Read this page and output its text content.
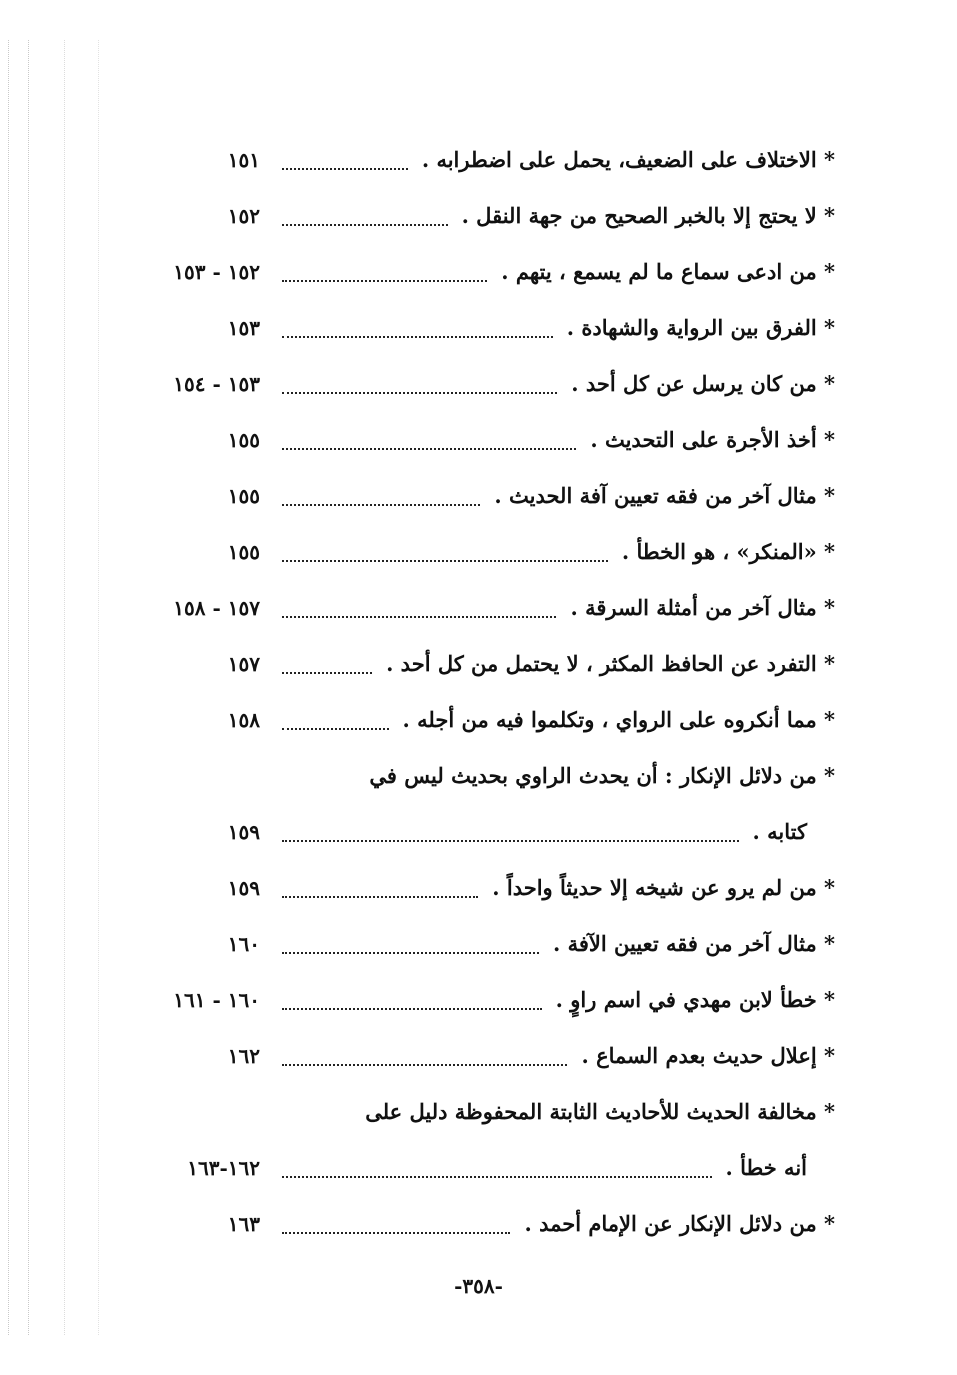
* الاختلاف على الضعيف، يحمل على اضطرابه .
١٥١
* لا يحتج إلا بالخبر الصحيح من جهة النقل .
١٥٢
* من ادعى سماع ما لم يسمع ، يتهم .
١٥٢ - ١٥٣
* الفرق بين الرواية والشهادة .
١٥٣
* من كان يرسل عن كل أحد .
١٥٣ - ١٥٤
* أخذ الأجرة على التحديث .
١٥٥
* مثال آخر من فقه تعيين آفة الحديث .
١٥٥
* «المنكر» ، هو الخطأ .
١٥٥
* مثال آخر من أمثلة السرقة .
١٥٧ - ١٥٨
* التفرد عن الحافظ المكثر ، لا يحتمل من كل أحد .
١٥٧
* مما أنكروه على الرواي ، وتكلموا فيه من أجله .
١٥٨
* من دلائل الإنكار : أن يحدث الراوي بحديث ليس في
كتابه .
١٥٩
* من لم يرو عن شيخه إلا حديثاً واحداً .
١٥٩
* مثال آخر من فقه تعيين الآفة .
١٦٠
* خطأ لابن مهدي في اسم راوٍ .
١٦٠ - ١٦١
* إعلال حديث بعدم السماع .
١٦٢
* مخالفة الحديث للأحاديث الثابتة المحفوظة دليل على
أنه خطأ .
١٦٢-١٦٣
* من دلائل الإنكار عن الإمام أحمد .
١٦٣
-٣٥٨-
